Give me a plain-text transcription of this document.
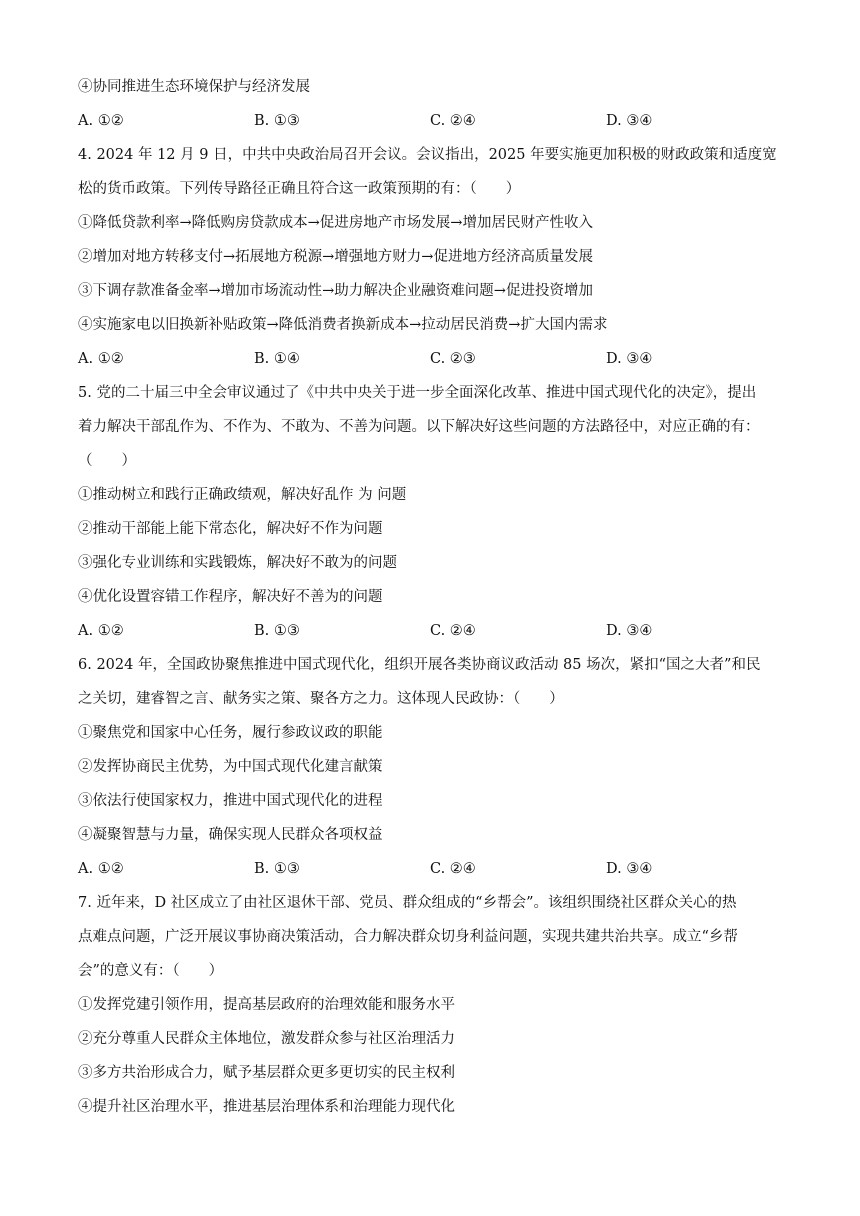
④协同推进生态环境保护与经济发展
A. ①②	B. ①③	C. ②④	D. ③④
4. 2024 年 12 月 9 日，中共中央政治局召开会议。会议指出，2025 年要实施更加积极的财政政策和适度宽
松的货币政策。下列传导路径正确且符合这一政策预期的有：（　　）
①降低贷款利率→降低购房贷款成本→促进房地产市场发展→增加居民财产性收入
②增加对地方转移支付→拓展地方税源→增强地方财力→促进地方经济高质量发展
③下调存款准备金率→增加市场流动性→助力解决企业融资难问题→促进投资增加
④实施家电以旧换新补贴政策→降低消费者换新成本→拉动居民消费→扩大国内需求
A. ①②	B. ①④	C. ②③	D. ③④
5. 党的二十届三中全会审议通过了《中共中央关于进一步全面深化改革、推进中国式现代化的决定》，提出
着力解决干部乱作为、不作为、不敢为、不善为问题。以下解决好这些问题的方法路径中，对应正确的有：
（　　）
①推动树立和践行正确政绩观，解决好乱作 为 问题
②推动干部能上能下常态化，解决好不作为问题
③强化专业训练和实践锻炼，解决好不敢为的问题
④优化设置容错工作程序，解决好不善为的问题
A. ①②	B. ①③	C. ②④	D. ③④
6. 2024 年，全国政协聚焦推进中国式现代化，组织开展各类协商议政活动 85 场次，紧扣“国之大者”和民
之关切，建睿智之言、献务实之策、聚各方之力。这体现人民政协：（　　）
①聚焦党和国家中心任务，履行参政议政的职能
②发挥协商民主优势，为中国式现代化建言献策
③依法行使国家权力，推进中国式现代化的进程
④凝聚智慧与力量，确保实现人民群众各项权益
A. ①②	B. ①③	C. ②④	D. ③④
7. 近年来，D 社区成立了由社区退休干部、党员、群众组成的“乡帮会”。该组织围绕社区群众关心的热
点难点问题，广泛开展议事协商决策活动，合力解决群众切身利益问题，实现共建共治共享。成立“乡帮
会”的意义有：（　　）
①发挥党建引领作用，提高基层政府的治理效能和服务水平
②充分尊重人民群众主体地位，激发群众参与社区治理活力
③多方共治形成合力，赋予基层群众更多更切实的民主权利
④提升社区治理水平，推进基层治理体系和治理能力现代化
